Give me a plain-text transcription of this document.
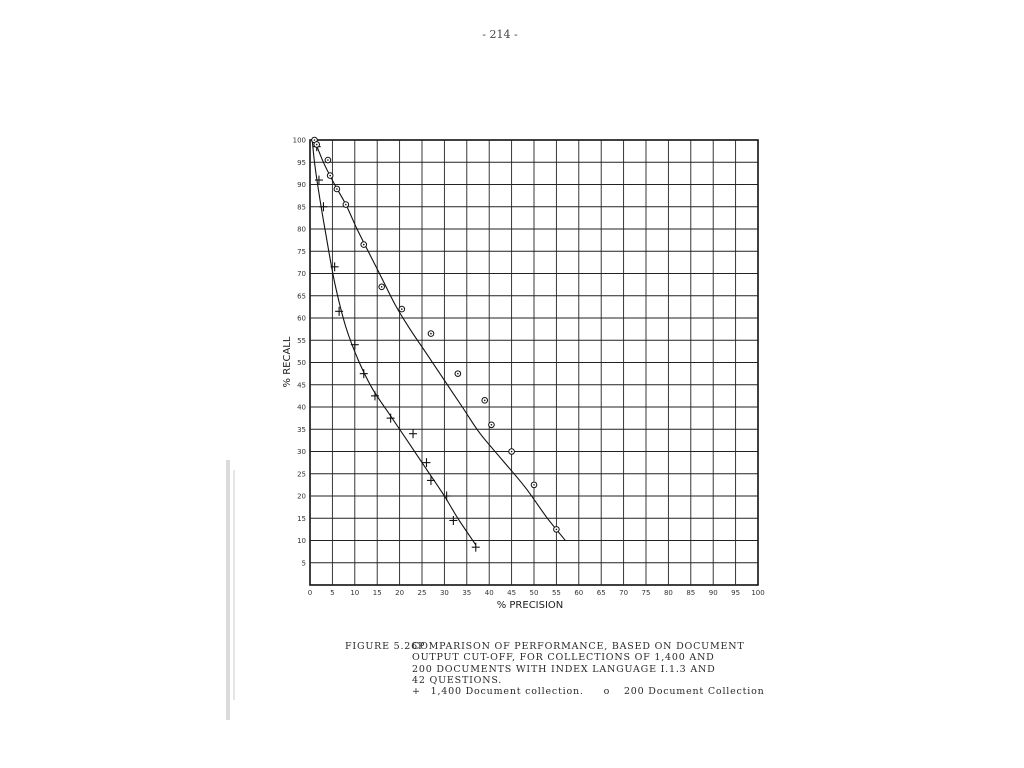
- 214 -
0	5 10 15 20 25 30 35 40 45 50 55 60 65 70 75 80 85 90 95 100
5
10
15
20
25
30
35
40
45
50
55
60
65
70
75
80
85
90
95
100
% PRECISION
% RECALL
FIGURE 5.26P
COMPARISON OF PERFORMANCE, BASED ON DOCUMENT
OUTPUT CUT-OFF, FOR COLLECTIONS OF 1,400 AND
200 DOCUMENTS WITH INDEX LANGUAGE I.1.3 AND
42 QUESTIONS.
+ 1,400 Document collection. o 200 Document Collection
